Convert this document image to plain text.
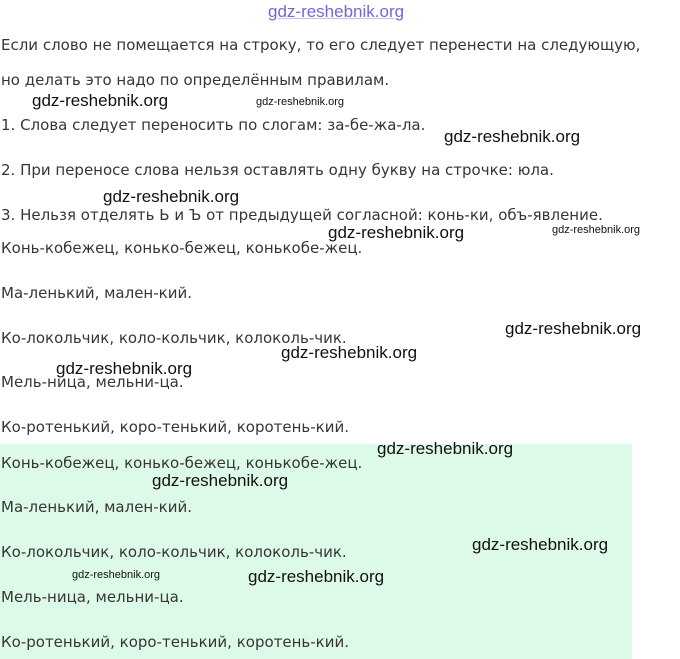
gdz-reshebnik.org
Если слово не помещается на строку, то его следует перенести на следующую,
но делать это надо по определённым правилам.
1. Слова следует переносить по слогам: за-бе-жа-ла.
2. При переносе слова нельзя оставлять одну букву на строчке: юла.
3. Нельзя отделять Ь и Ъ от предыдущей согласной: конь-ки, объ-явление.
Конь-кобежец, конько-бежец, конькобе-жец.
Ма-ленький, мален-кий.
Ко-локольчик, коло-кольчик, колоколь-чик.
Мель-ница, мельни-ца.
Ко-ротенький, коро-тенький, коротень-кий.
Конь-кобежец, конько-бежец, конькобе-жец.
Ма-ленький, мален-кий.
Ко-локольчик, коло-кольчик, колоколь-чик.
Мель-ница, мельни-ца.
Ко-ротенький, коро-тенький, коротень-кий.
gdz-reshebnik.org	gdz-reshebnik.org
gdz-reshebnik.org
gdz-reshebnik.org
gdz-reshebnik.org	gdz-reshebnik.org
gdz-reshebnik.org
gdz-reshebnik.org
gdz-reshebnik.org
gdz-reshebnik.org
gdz-reshebnik.org
gdz-reshebnik.org
gdz-reshebnik.org	gdz-reshebnik.org
